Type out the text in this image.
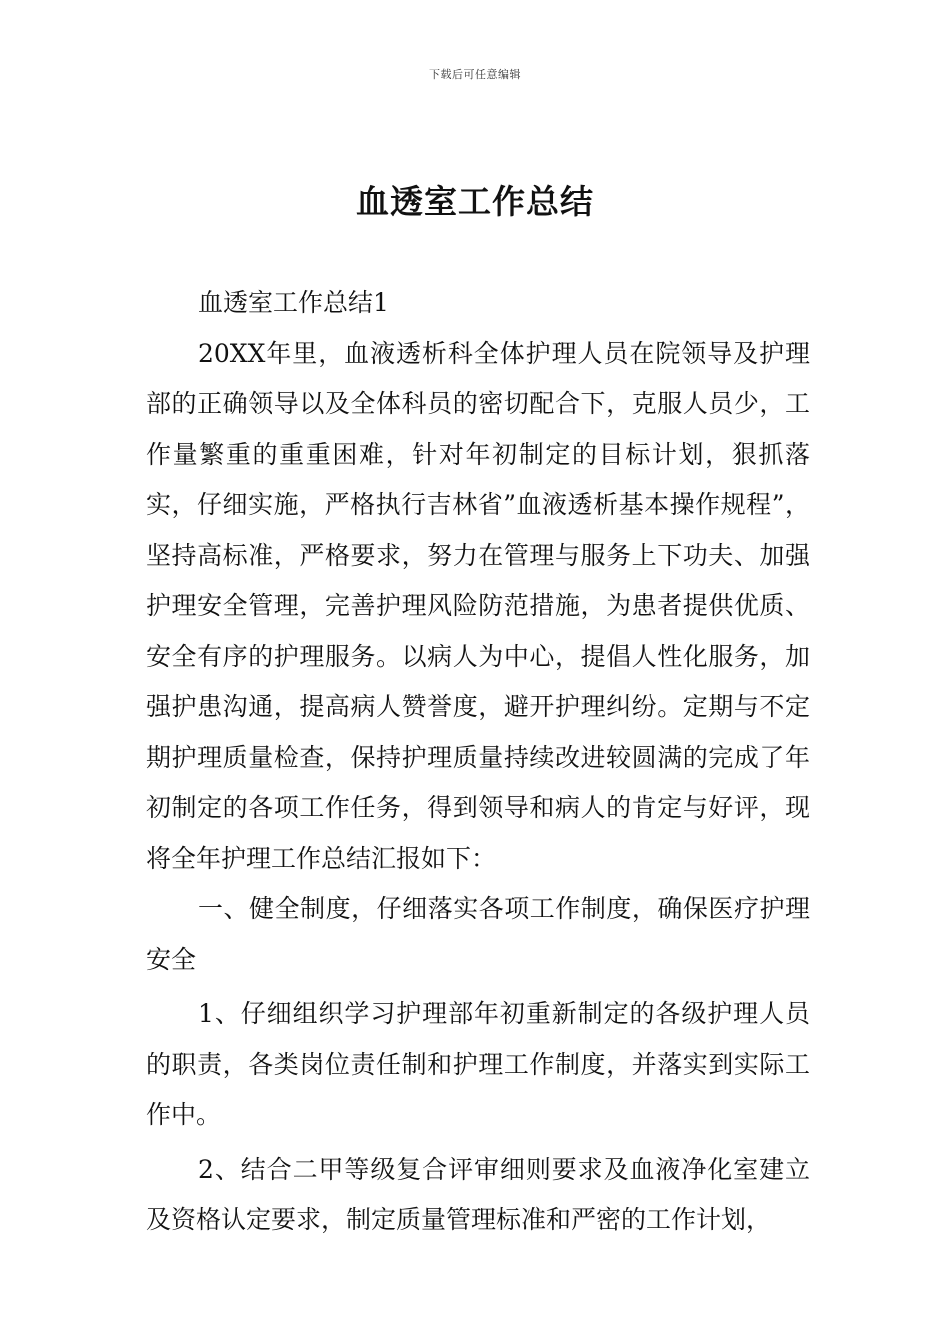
下载后可任意编辑
血透室工作总结

血透室工作总结1

20XX年里，血液透析科全体护理人员在院领导及护理部的正确领导以及全体科员的密切配合下，克服人员少，工作量繁重的重重困难，针对年初制定的目标计划，狠抓落实，仔细实施，严格执行吉林省”血液透析基本操作规程”，坚持高标准，严格要求，努力在管理与服务上下功夫、加强护理安全管理，完善护理风险防范措施，为患者提供优质、安全有序的护理服务。以病人为中心，提倡人性化服务，加强护患沟通，提高病人赞誉度，避开护理纠纷。定期与不定期护理质量检查，保持护理质量持续改进较圆满的完成了年初制定的各项工作任务，得到领导和病人的肯定与好评，现将全年护理工作总结汇报如下：

一、健全制度，仔细落实各项工作制度，确保医疗护理安全

1、仔细组织学习护理部年初重新制定的各级护理人员的职责，各类岗位责任制和护理工作制度，并落实到实际工作中。

2、结合二甲等级复合评审细则要求及血液净化室建立及资格认定要求，制定质量管理标准和严密的工作计划，
